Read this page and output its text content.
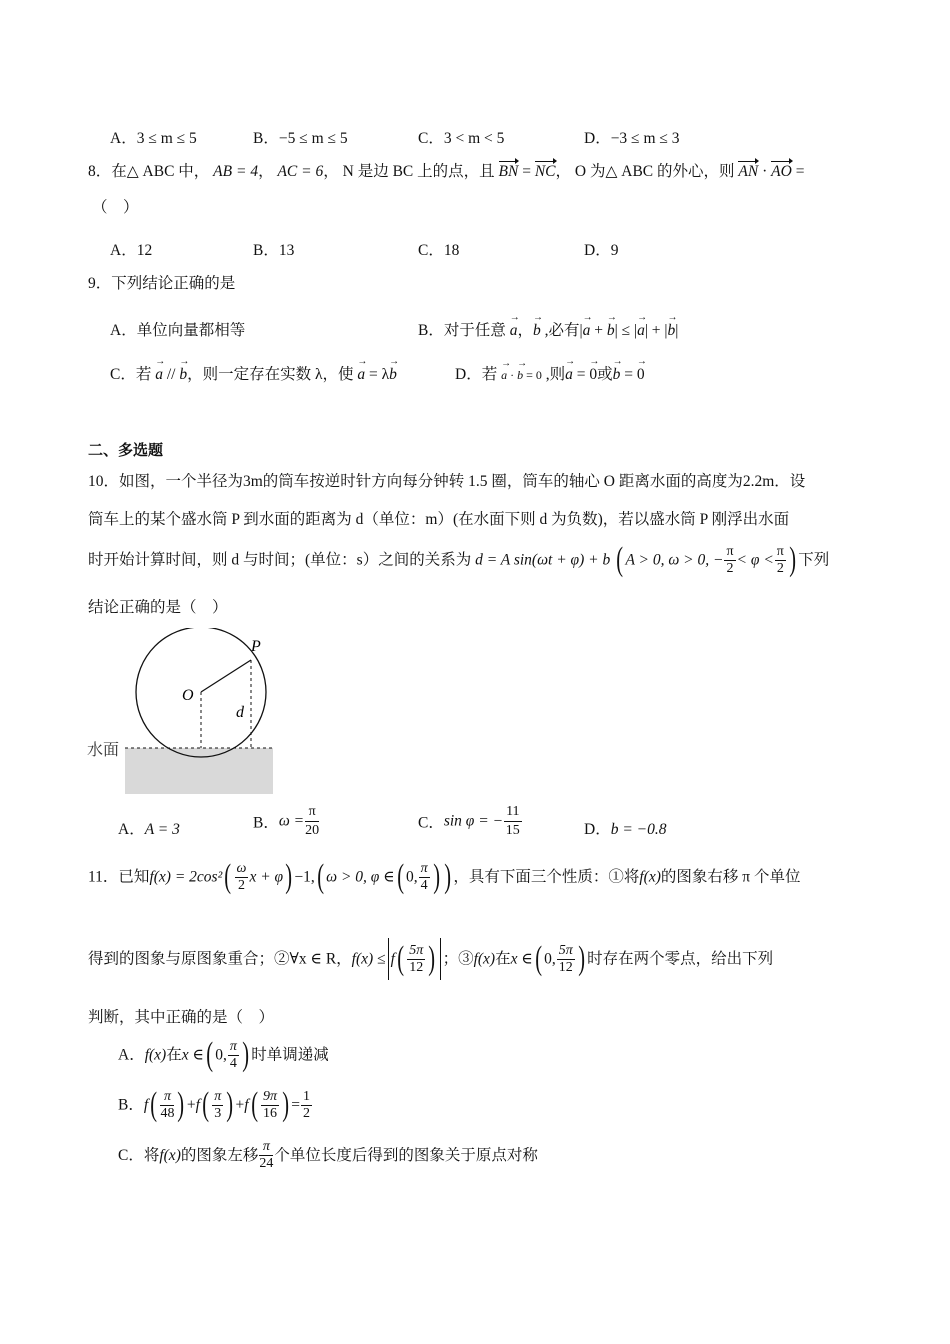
A．3 ≤ m ≤ 5	B．−5 ≤ m ≤ 5	C．3 < m < 5	D．−3 ≤ m ≤ 3
8．在△ ABC 中， AB = 4， AC = 6， N 是边 BC 上的点，且 BN = NC， O 为△ ABC 的外心，则 AN · AO =
（　）
A．12	B．13	C．18	D．9
9．下列结论正确的是
A．单位向量都相等	B．对于任意 a →，b → ,必有|a → + b →| ≤ |a →| + |b →|
C．若 a → // b →，则一定存在实数 λ，使 a → = λb →	D．若 a → · b → = 0 ,则a → = 0 →或b → = 0 →
二、多选题
10．如图，一个半径为3m的筒车按逆时针方向每分钟转 1.5 圈，筒车的轴心 O 距离水面的高度为2.2m．设
筒车上的某个盛水筒 P 到水面的距离为 d（单位：m）(在水面下则 d 为负数)，若以盛水筒 P 刚浮出水面
时开始计算时间，则 d 与时间；(单位：s）之间的关系为 d = A sin(ωt + φ) + b ( A > 0, ω > 0, − $\frac{\pi}{2} < \varphi < \frac{\pi}{2}$ ) 下列
结论正确的是（　）
P
O
d
水面
A．A = 3	B．$\omega = \frac{\pi}{20}$	C．sin φ = − $\frac{11}{15}$	D．b = −0.8
11．已知$f(x) = 2\cos^2( \frac{\omega}{2}$ x + φ) −1,( ω > 0, φ ∈( 0, $\frac{\pi}{4}$ ) ) ，具有下面三个性质：①将f(x)的图象右移 π 个单位
得到的图象与原图象重合；②∀x ∈ R，$f(x) \le f( \frac{5\pi}{12}$ ) ；③f(x)在x ∈( 0, $\frac{5\pi}{12}$ ) 时存在两个零点，给出下列
判断，其中正确的是（　）
A．f(x)在x ∈( 0, $\frac{\pi}{4}$ ) 时单调递减
B．$f( \frac{\pi}{48}$ ) $+f( \frac{\pi}{3}$ ) $+f( \frac{9\pi}{16}$ ) = $\frac{1}{2}$
C．将f(x)的图象左移 $\frac{\pi}{24}$ 个单位长度后得到的图象关于原点对称
